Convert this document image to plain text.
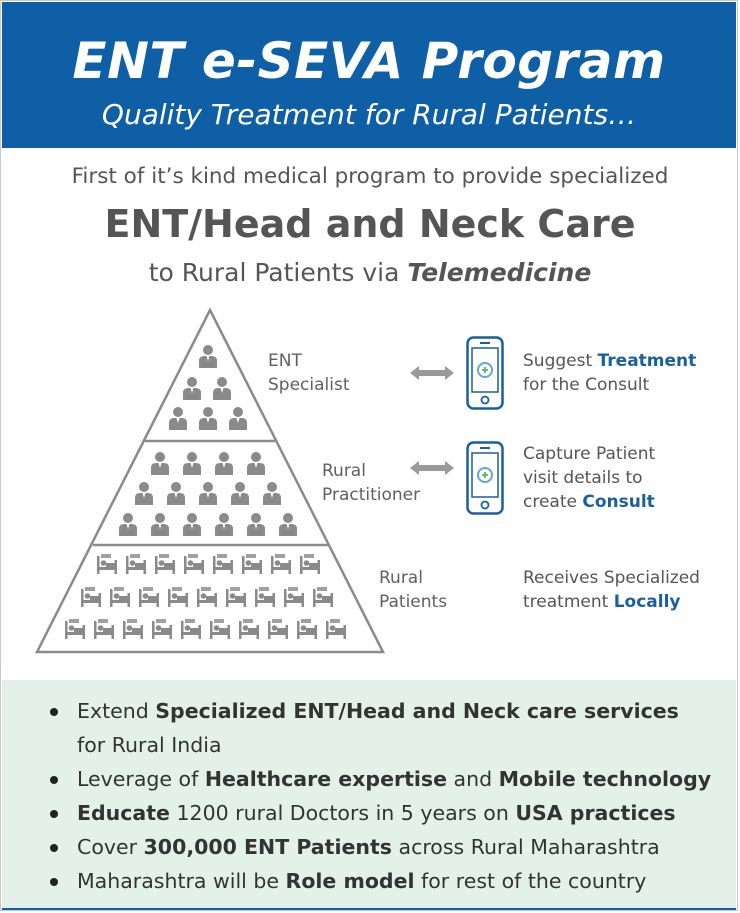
ENT e-SEVA Program
Quality Treatment for Rural Patients…
First of it’s kind medical program to provide specialized
ENT/Head and Neck Care
to Rural Patients via Telemedicine
ENT
Specialist
Rural
Practitioner
Rural
Patients
Suggest Treatment
for the Consult
Capture Patient
visit details to
create Consult
Receives Specialized
treatment Locally
Extend Specialized ENT/Head and Neck care services
for Rural India
Leverage of Healthcare expertise and Mobile technology
Educate 1200 rural Doctors in 5 years on USA practices
Cover 300,000 ENT Patients across Rural Maharashtra
Maharashtra will be Role model for rest of the country
